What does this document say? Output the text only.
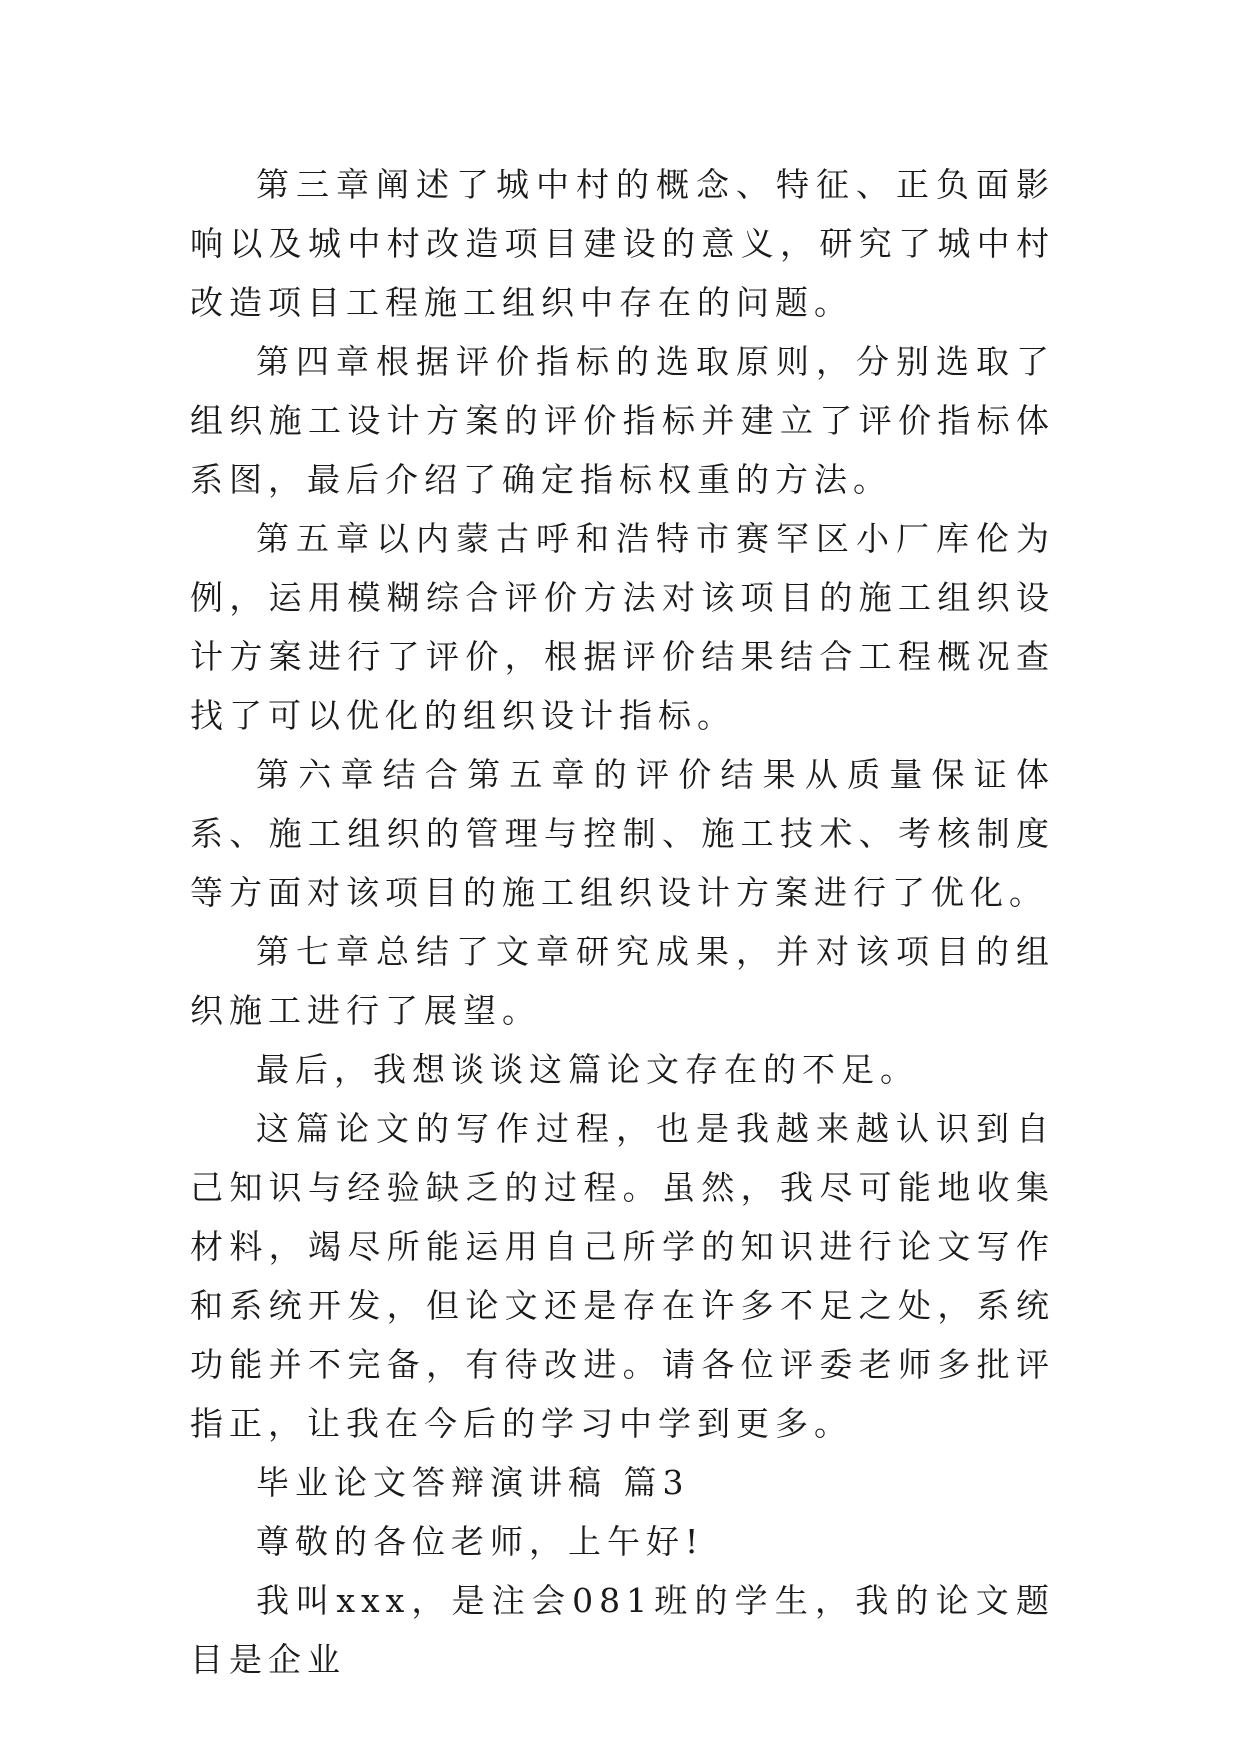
第三章阐述了城中村的概念、特征、正负面影响以及城中村改造项目建设的意义，研究了城中村改造项目工程施工组织中存在的问题。

第四章根据评价指标的选取原则，分别选取了组织施工设计方案的评价指标并建立了评价指标体系图，最后介绍了确定指标权重的方法。

第五章以内蒙古呼和浩特市赛罕区小厂库伦为例，运用模糊综合评价方法对该项目的施工组织设计方案进行了评价，根据评价结果结合工程概况查找了可以优化的组织设计指标。

第六章结合第五章的评价结果从质量保证体系、施工组织的管理与控制、施工技术、考核制度等方面对该项目的施工组织设计方案进行了优化。

第七章总结了文章研究成果，并对该项目的组织施工进行了展望。

最后，我想谈谈这篇论文存在的不足。

这篇论文的写作过程，也是我越来越认识到自己知识与经验缺乏的过程。虽然，我尽可能地收集材料，竭尽所能运用自己所学的知识进行论文写作和系统开发，但论文还是存在许多不足之处，系统功能并不完备，有待改进。请各位评委老师多批评指正，让我在今后的学习中学到更多。

毕业论文答辩演讲稿 篇3

尊敬的各位老师，上午好!

我叫xxx，是注会081班的学生，我的论文题目是企业
